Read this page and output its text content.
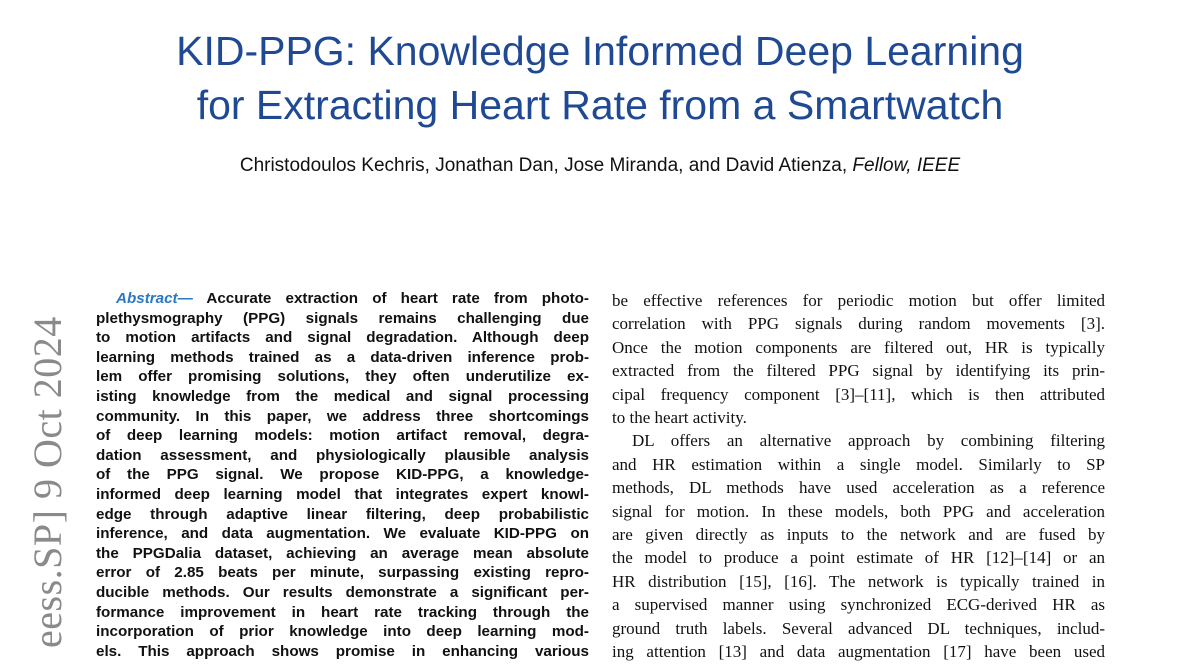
KID-PPG: Knowledge Informed Deep Learning
for Extracting Heart Rate from a Smartwatch
Christodoulos Kechris, Jonathan Dan, Jose Miranda, and David Atienza, Fellow, IEEE
eess.SP] 9 Oct 2024
Abstract— Accurate extraction of heart rate from photo-
plethysmography (PPG) signals remains challenging due
to motion artifacts and signal degradation. Although deep
learning methods trained as a data-driven inference prob-
lem offer promising solutions, they often underutilize ex-
isting knowledge from the medical and signal processing
community. In this paper, we address three shortcomings
of deep learning models: motion artifact removal, degra-
dation assessment, and physiologically plausible analysis
of the PPG signal. We propose KID-PPG, a knowledge-
informed deep learning model that integrates expert knowl-
edge through adaptive linear filtering, deep probabilistic
inference, and data augmentation. We evaluate KID-PPG on
the PPGDalia dataset, achieving an average mean absolute
error of 2.85 beats per minute, surpassing existing repro-
ducible methods. Our results demonstrate a significant per-
formance improvement in heart rate tracking through the
incorporation of prior knowledge into deep learning mod-
els. This approach shows promise in enhancing various
be effective references for periodic motion but offer limited
correlation with PPG signals during random movements [3].
Once the motion components are filtered out, HR is typically
extracted from the filtered PPG signal by identifying its prin-
cipal frequency component [3]–[11], which is then attributed
to the heart activity.
DL offers an alternative approach by combining filtering
and HR estimation within a single model. Similarly to SP
methods, DL methods have used acceleration as a reference
signal for motion. In these models, both PPG and acceleration
are given directly as inputs to the network and are fused by
the model to produce a point estimate of HR [12]–[14] or an
HR distribution [15], [16]. The network is typically trained in
a supervised manner using synchronized ECG-derived HR as
ground truth labels. Several advanced DL techniques, includ-
ing attention [13] and data augmentation [17] have been used
